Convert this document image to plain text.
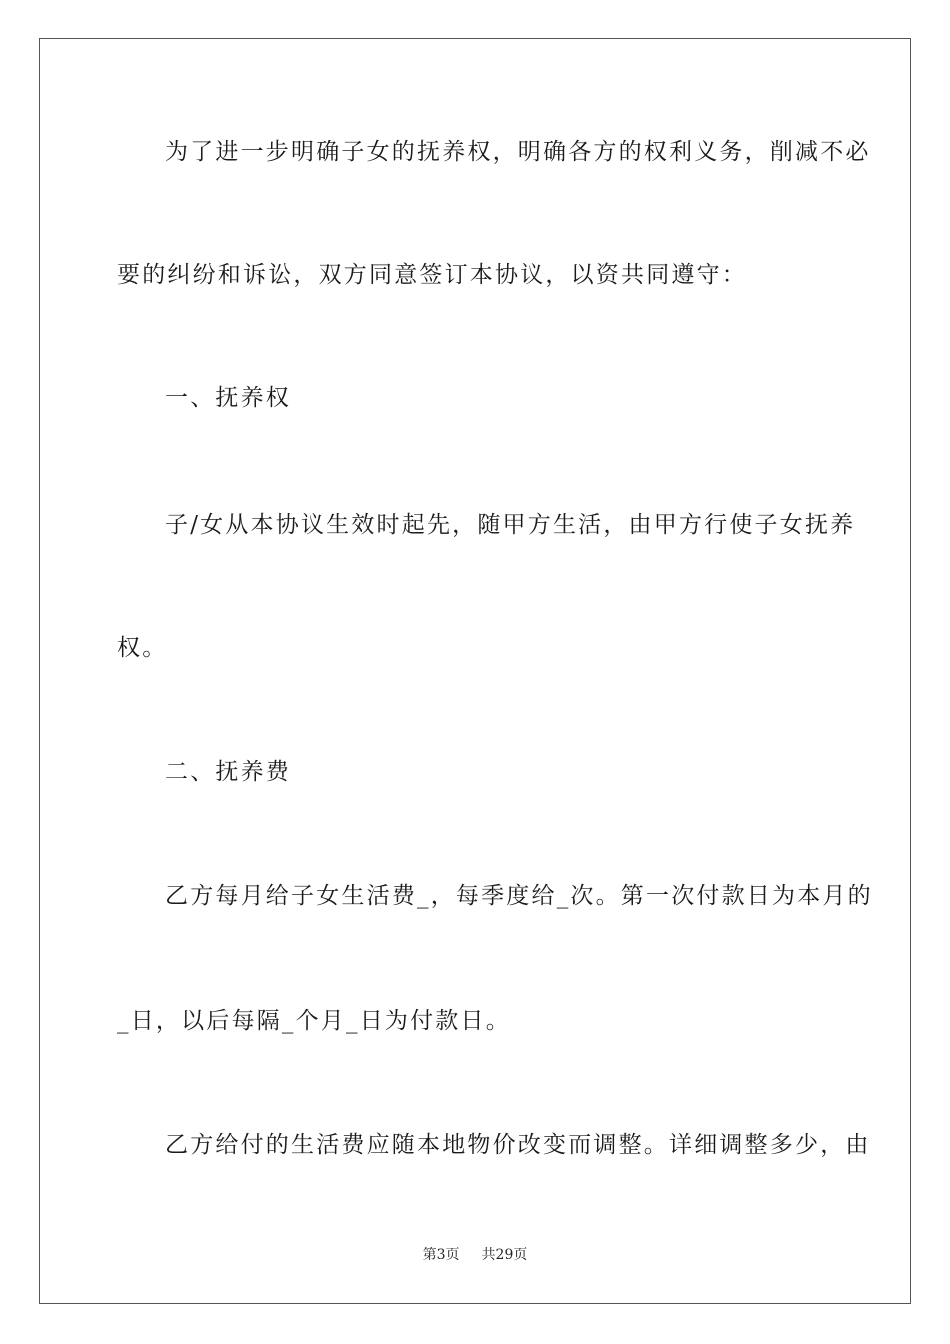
为了进一步明确子女的抚养权，明确各方的权利义务，削减不必
要的纠纷和诉讼，双方同意签订本协议，以资共同遵守：
一、抚养权
子/女从本协议生效时起先，随甲方生活，由甲方行使子女抚养
权。
二、抚养费
乙方每月给子女生活费_，每季度给_次。第一次付款日为本月的
_日，以后每隔_个月_日为付款日。
乙方给付的生活费应随本地物价改变而调整。详细调整多少，由
第3页 共29页
